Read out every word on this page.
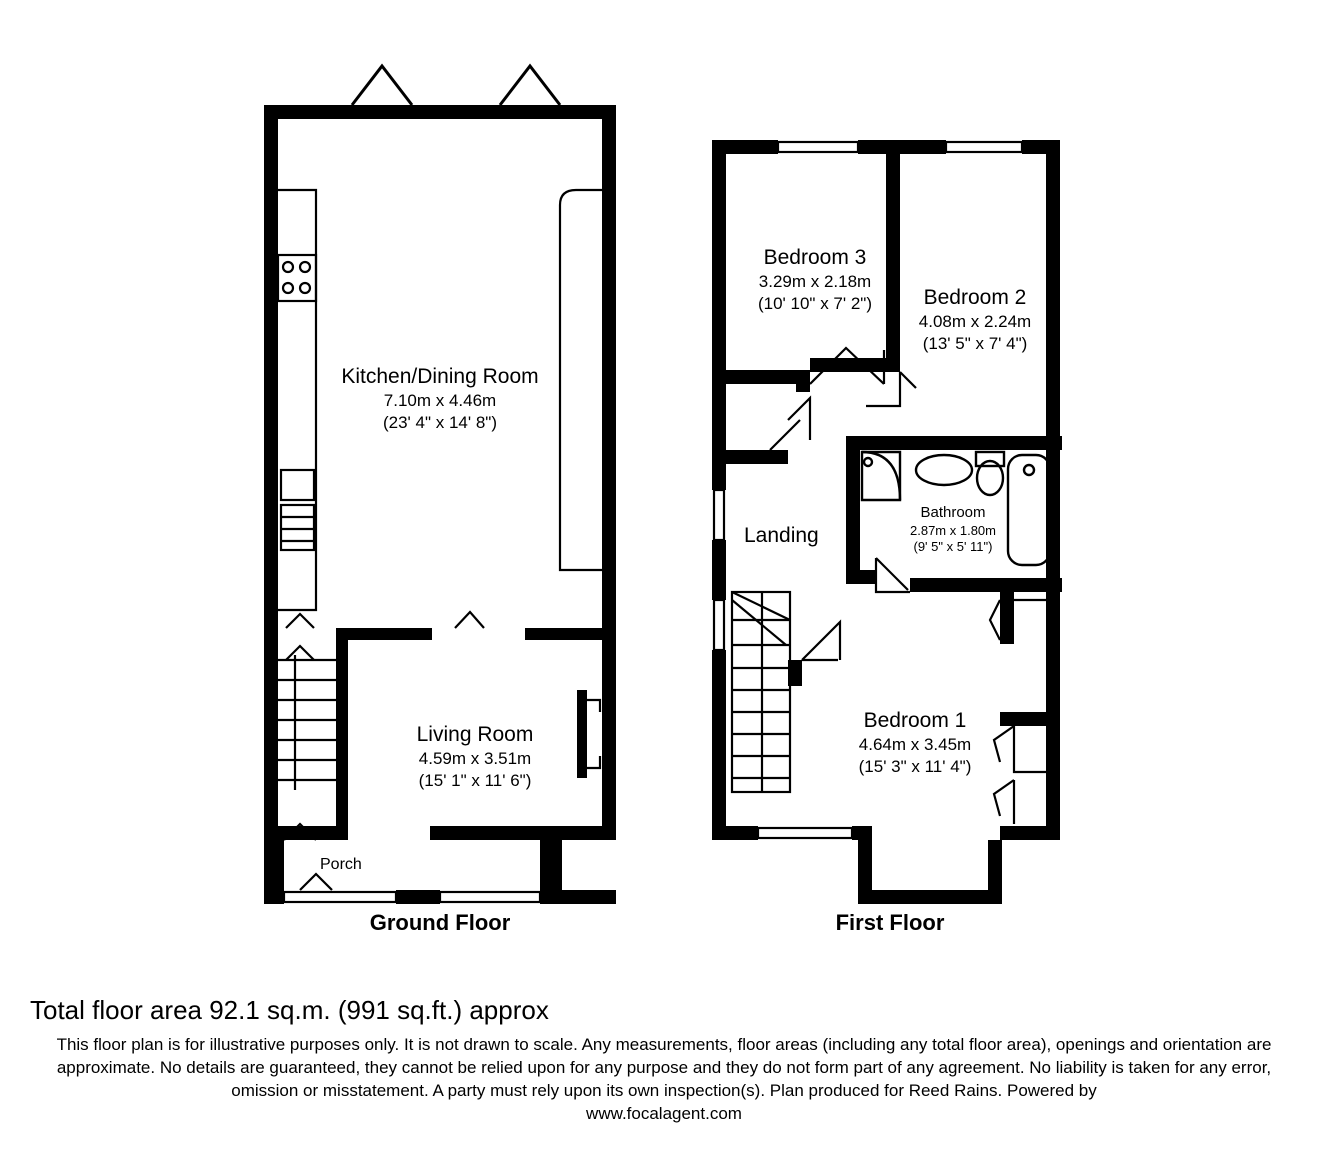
Kitchen/Dining Room
7.10m x 4.46m
(23' 4" x 14' 8")
Living Room
4.59m x 3.51m
(15' 1" x 11' 6")
Porch
Ground Floor
Bedroom 3
3.29m x 2.18m
(10' 10" x 7' 2")	Bedroom 2
4.08m x 2.24m
(13' 5" x 7' 4")
Bathroom
2.87m x 1.80m
(9' 5" x 5' 11")
Bedroom 1
4.64m x 3.45m
(15' 3" x 11' 4")
Landing
First Floor
Total floor area 92.1 sq.m. (991 sq.ft.) approx
This floor plan is for illustrative purposes only. It is not drawn to scale. Any measurements, floor areas (including any total floor area), openings and orientation are approximate. No details are guaranteed, they cannot be relied upon for any purpose and they do not form part of any agreement. No liability is taken for any error, omission or misstatement. A party must rely upon its own inspection(s). Plan produced for Reed Rains. Powered by
www.focalagent.com
